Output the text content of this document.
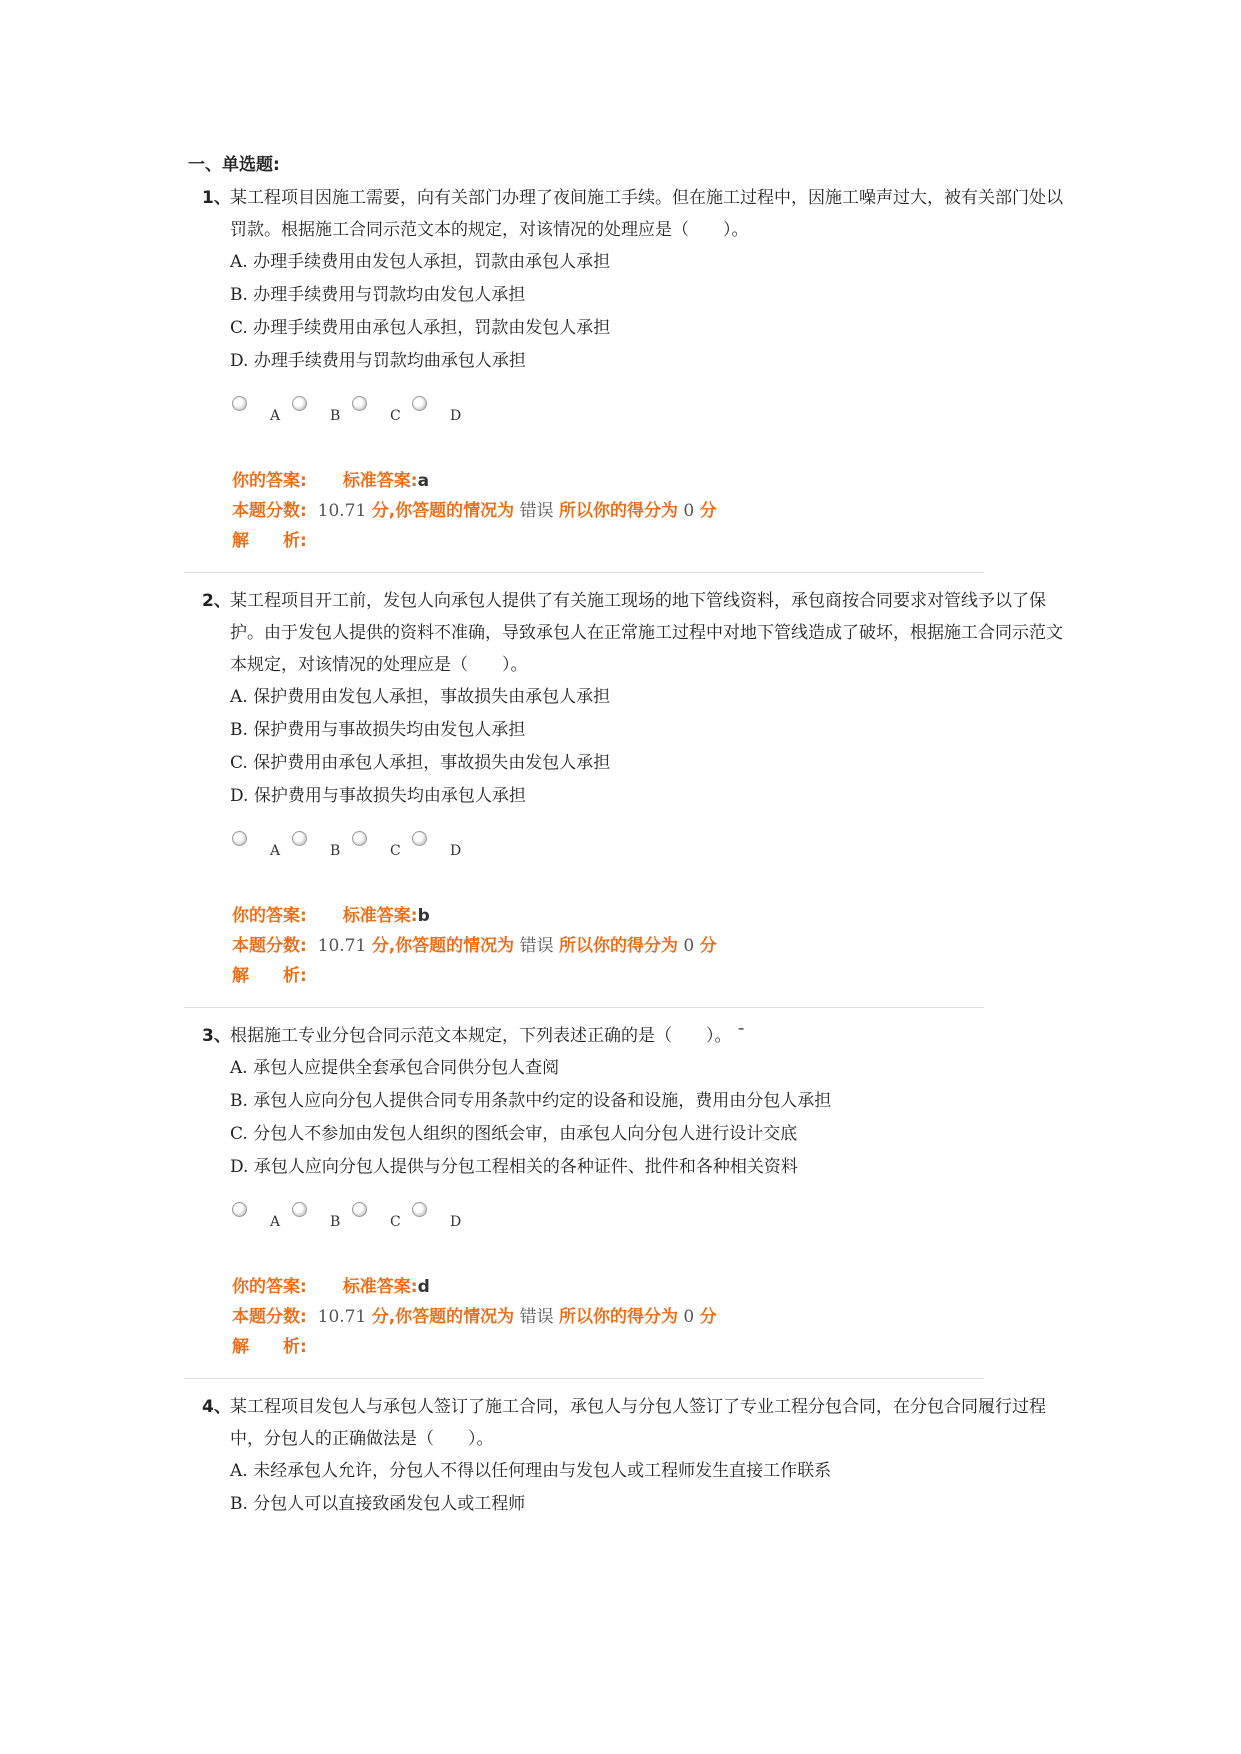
一、单选题:
1、 某工程项目因施工需要，向有关部门办理了夜间施工手续。但在施工过程中，因施工噪声过大，被有关部门处以罚款。根据施工合同示范文本的规定，对该情况的处理应是（　　）。
A. 办理手续费用由发包人承担，罚款由承包人承担
B. 办理手续费用与罚款均由发包人承担
C. 办理手续费用由承包人承担，罚款由发包人承担
D. 办理手续费用与罚款均曲承包人承担
A	B	C	D
你的答案: 标准答案:a
本题分数: 10.71 分,你答题的情况为 错误 所以你的得分为 0 分
解　　析:
2、 某工程项目开工前，发包人向承包人提供了有关施工现场的地下管线资料，承包商按合同要求对管线予以了保护。由于发包人提供的资料不准确，导致承包人在正常施工过程中对地下管线造成了破坏，根据施工合同示范文本规定，对该情况的处理应是（　　）。
A. 保护费用由发包人承担，事故损失由承包人承担
B. 保护费用与事故损失均由发包人承担
C. 保护费用由承包人承担，事故损失由发包人承担
D. 保护费用与事故损失均由承包人承担
A	B	C	D
你的答案: 标准答案:b
本题分数: 10.71 分,你答题的情况为 错误 所以你的得分为 0 分
解　　析:
3、 根据施工专业分包合同示范文本规定，下列表述正确的是（　　）。 ¯
A. 承包人应提供全套承包合同供分包人查阅
B. 承包人应向分包人提供合同专用条款中约定的设备和设施，费用由分包人承担
C. 分包人不参加由发包人组织的图纸会审，由承包人向分包人进行设计交底
D. 承包人应向分包人提供与分包工程相关的各种证件、批件和各种相关资料
A	B	C	D
你的答案: 标准答案:d
本题分数: 10.71 分,你答题的情况为 错误 所以你的得分为 0 分
解　　析:
4、 某工程项目发包人与承包人签订了施工合同，承包人与分包人签订了专业工程分包合同，在分包合同履行过程中，分包人的正确做法是（　　）。
A. 未经承包人允许，分包人不得以任何理由与发包人或工程师发生直接工作联系
B. 分包人可以直接致函发包人或工程师
